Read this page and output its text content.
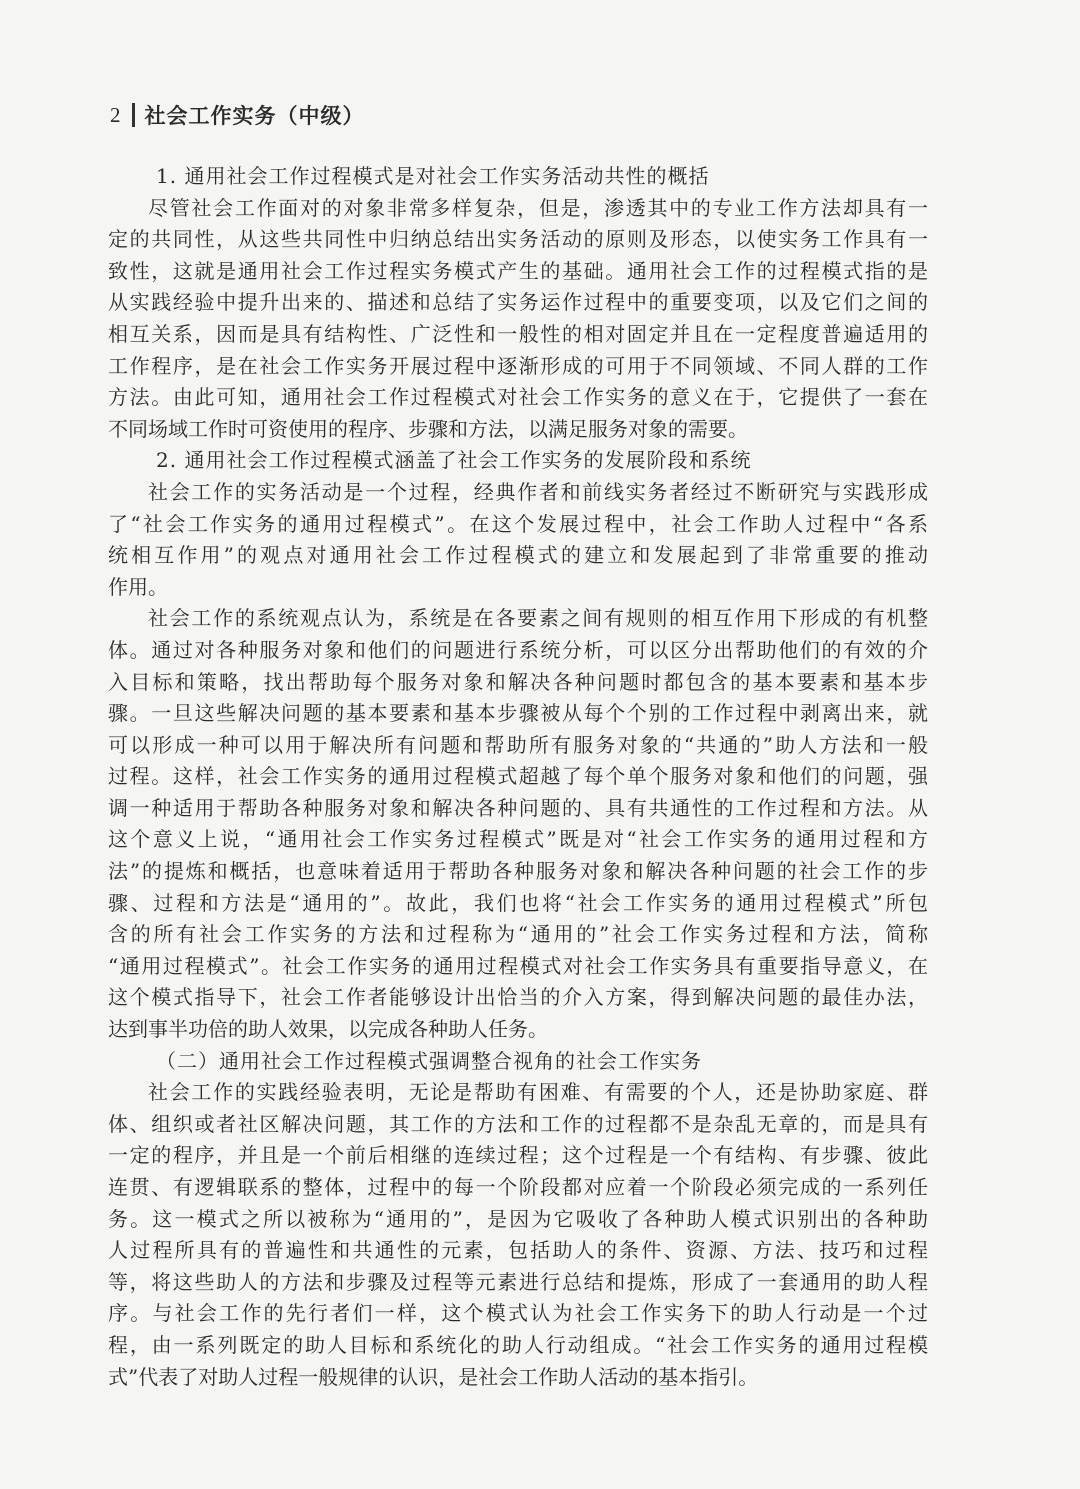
2 社会工作实务（中级）
1. 通用社会工作过程模式是对社会工作实务活动共性的概括
尽管社会工作面对的对象非常多样复杂，但是，渗透其中的专业工作方法却具有一
定的共同性，从这些共同性中归纳总结出实务活动的原则及形态，以使实务工作具有一
致性，这就是通用社会工作过程实务模式产生的基础。通用社会工作的过程模式指的是
从实践经验中提升出来的、描述和总结了实务运作过程中的重要变项，以及它们之间的
相互关系，因而是具有结构性、广泛性和一般性的相对固定并且在一定程度普遍适用的
工作程序，是在社会工作实务开展过程中逐渐形成的可用于不同领域、不同人群的工作
方法。由此可知，通用社会工作过程模式对社会工作实务的意义在于，它提供了一套在
不同场域工作时可资使用的程序、步骤和方法，以满足服务对象的需要。
2. 通用社会工作过程模式涵盖了社会工作实务的发展阶段和系统
社会工作的实务活动是一个过程，经典作者和前线实务者经过不断研究与实践形成
了“社会工作实务的通用过程模式”。在这个发展过程中，社会工作助人过程中“各系
统相互作用”的观点对通用社会工作过程模式的建立和发展起到了非常重要的推动
作用。
社会工作的系统观点认为，系统是在各要素之间有规则的相互作用下形成的有机整
体。通过对各种服务对象和他们的问题进行系统分析，可以区分出帮助他们的有效的介
入目标和策略，找出帮助每个服务对象和解决各种问题时都包含的基本要素和基本步
骤。一旦这些解决问题的基本要素和基本步骤被从每个个别的工作过程中剥离出来，就
可以形成一种可以用于解决所有问题和帮助所有服务对象的“共通的”助人方法和一般
过程。这样，社会工作实务的通用过程模式超越了每个单个服务对象和他们的问题，强
调一种适用于帮助各种服务对象和解决各种问题的、具有共通性的工作过程和方法。从
这个意义上说，“通用社会工作实务过程模式”既是对“社会工作实务的通用过程和方
法”的提炼和概括，也意味着适用于帮助各种服务对象和解决各种问题的社会工作的步
骤、过程和方法是“通用的”。故此，我们也将“社会工作实务的通用过程模式”所包
含的所有社会工作实务的方法和过程称为“通用的”社会工作实务过程和方法，简称
“通用过程模式”。社会工作实务的通用过程模式对社会工作实务具有重要指导意义，在
这个模式指导下，社会工作者能够设计出恰当的介入方案，得到解决问题的最佳办法，
达到事半功倍的助人效果，以完成各种助人任务。
（二）通用社会工作过程模式强调整合视角的社会工作实务
社会工作的实践经验表明，无论是帮助有困难、有需要的个人，还是协助家庭、群
体、组织或者社区解决问题，其工作的方法和工作的过程都不是杂乱无章的，而是具有
一定的程序，并且是一个前后相继的连续过程；这个过程是一个有结构、有步骤、彼此
连贯、有逻辑联系的整体，过程中的每一个阶段都对应着一个阶段必须完成的一系列任
务。这一模式之所以被称为“通用的”，是因为它吸收了各种助人模式识别出的各种助
人过程所具有的普遍性和共通性的元素，包括助人的条件、资源、方法、技巧和过程
等，将这些助人的方法和步骤及过程等元素进行总结和提炼，形成了一套通用的助人程
序。与社会工作的先行者们一样，这个模式认为社会工作实务下的助人行动是一个过
程，由一系列既定的助人目标和系统化的助人行动组成。“社会工作实务的通用过程模
式”代表了对助人过程一般规律的认识，是社会工作助人活动的基本指引。
